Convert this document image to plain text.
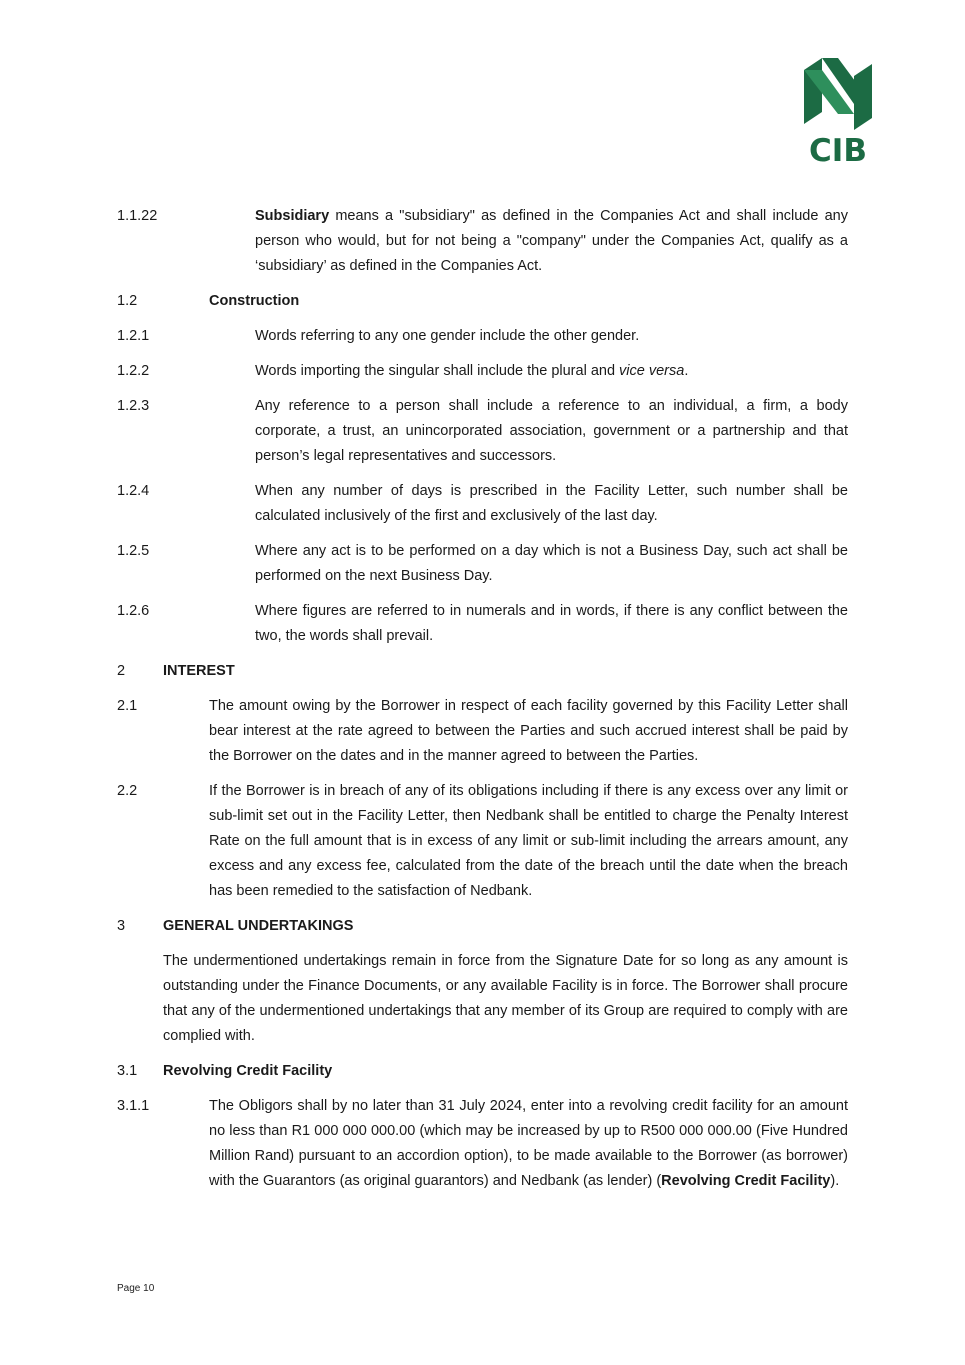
CIB
1.1.22	Subsidiary means a "subsidiary" as defined in the Companies Act and shall include any person who would, but for not being a "company" under the Companies Act, qualify as a ‘subsidiary’ as defined in the Companies Act.
1.2	Construction
1.2.1	Words referring to any one gender include the other gender.
1.2.2	Words importing the singular shall include the plural and vice versa.
1.2.3	Any reference to a person shall include a reference to an individual, a firm, a body corporate, a trust, an unincorporated association, government or a partnership and that person’s legal representatives and successors.
1.2.4	When any number of days is prescribed in the Facility Letter, such number shall be calculated inclusively of the first and exclusively of the last day.
1.2.5	Where any act is to be performed on a day which is not a Business Day, such act shall be performed on the next Business Day.
1.2.6	Where figures are referred to in numerals and in words, if there is any conflict between the two, the words shall prevail.
2	INTEREST
2.1	The amount owing by the Borrower in respect of each facility governed by this Facility Letter shall bear interest at the rate agreed to between the Parties and such accrued interest shall be paid by the Borrower on the dates and in the manner agreed to between the Parties.
2.2	If the Borrower is in breach of any of its obligations including if there is any excess over any limit or sub-limit set out in the Facility Letter, then Nedbank shall be entitled to charge the Penalty Interest Rate on the full amount that is in excess of any limit or sub-limit including the arrears amount, any excess and any excess fee, calculated from the date of the breach until the date when the breach has been remedied to the satisfaction of Nedbank.
3	GENERAL UNDERTAKINGS
The undermentioned undertakings remain in force from the Signature Date for so long as any amount is outstanding under the Finance Documents, or any available Facility is in force. The Borrower shall procure that any of the undermentioned undertakings that any member of its Group are required to comply with are complied with.
3.1 Revolving Credit Facility
3.1.1	The Obligors shall by no later than 31 July 2024, enter into a revolving credit facility for an amount no less than R1 000 000 000.00 (which may be increased by up to R500 000 000.00 (Five Hundred Million Rand) pursuant to an accordion option), to be made available to the Borrower (as borrower) with the Guarantors (as original guarantors) and Nedbank (as lender) (Revolving Credit Facility).
Page 10
